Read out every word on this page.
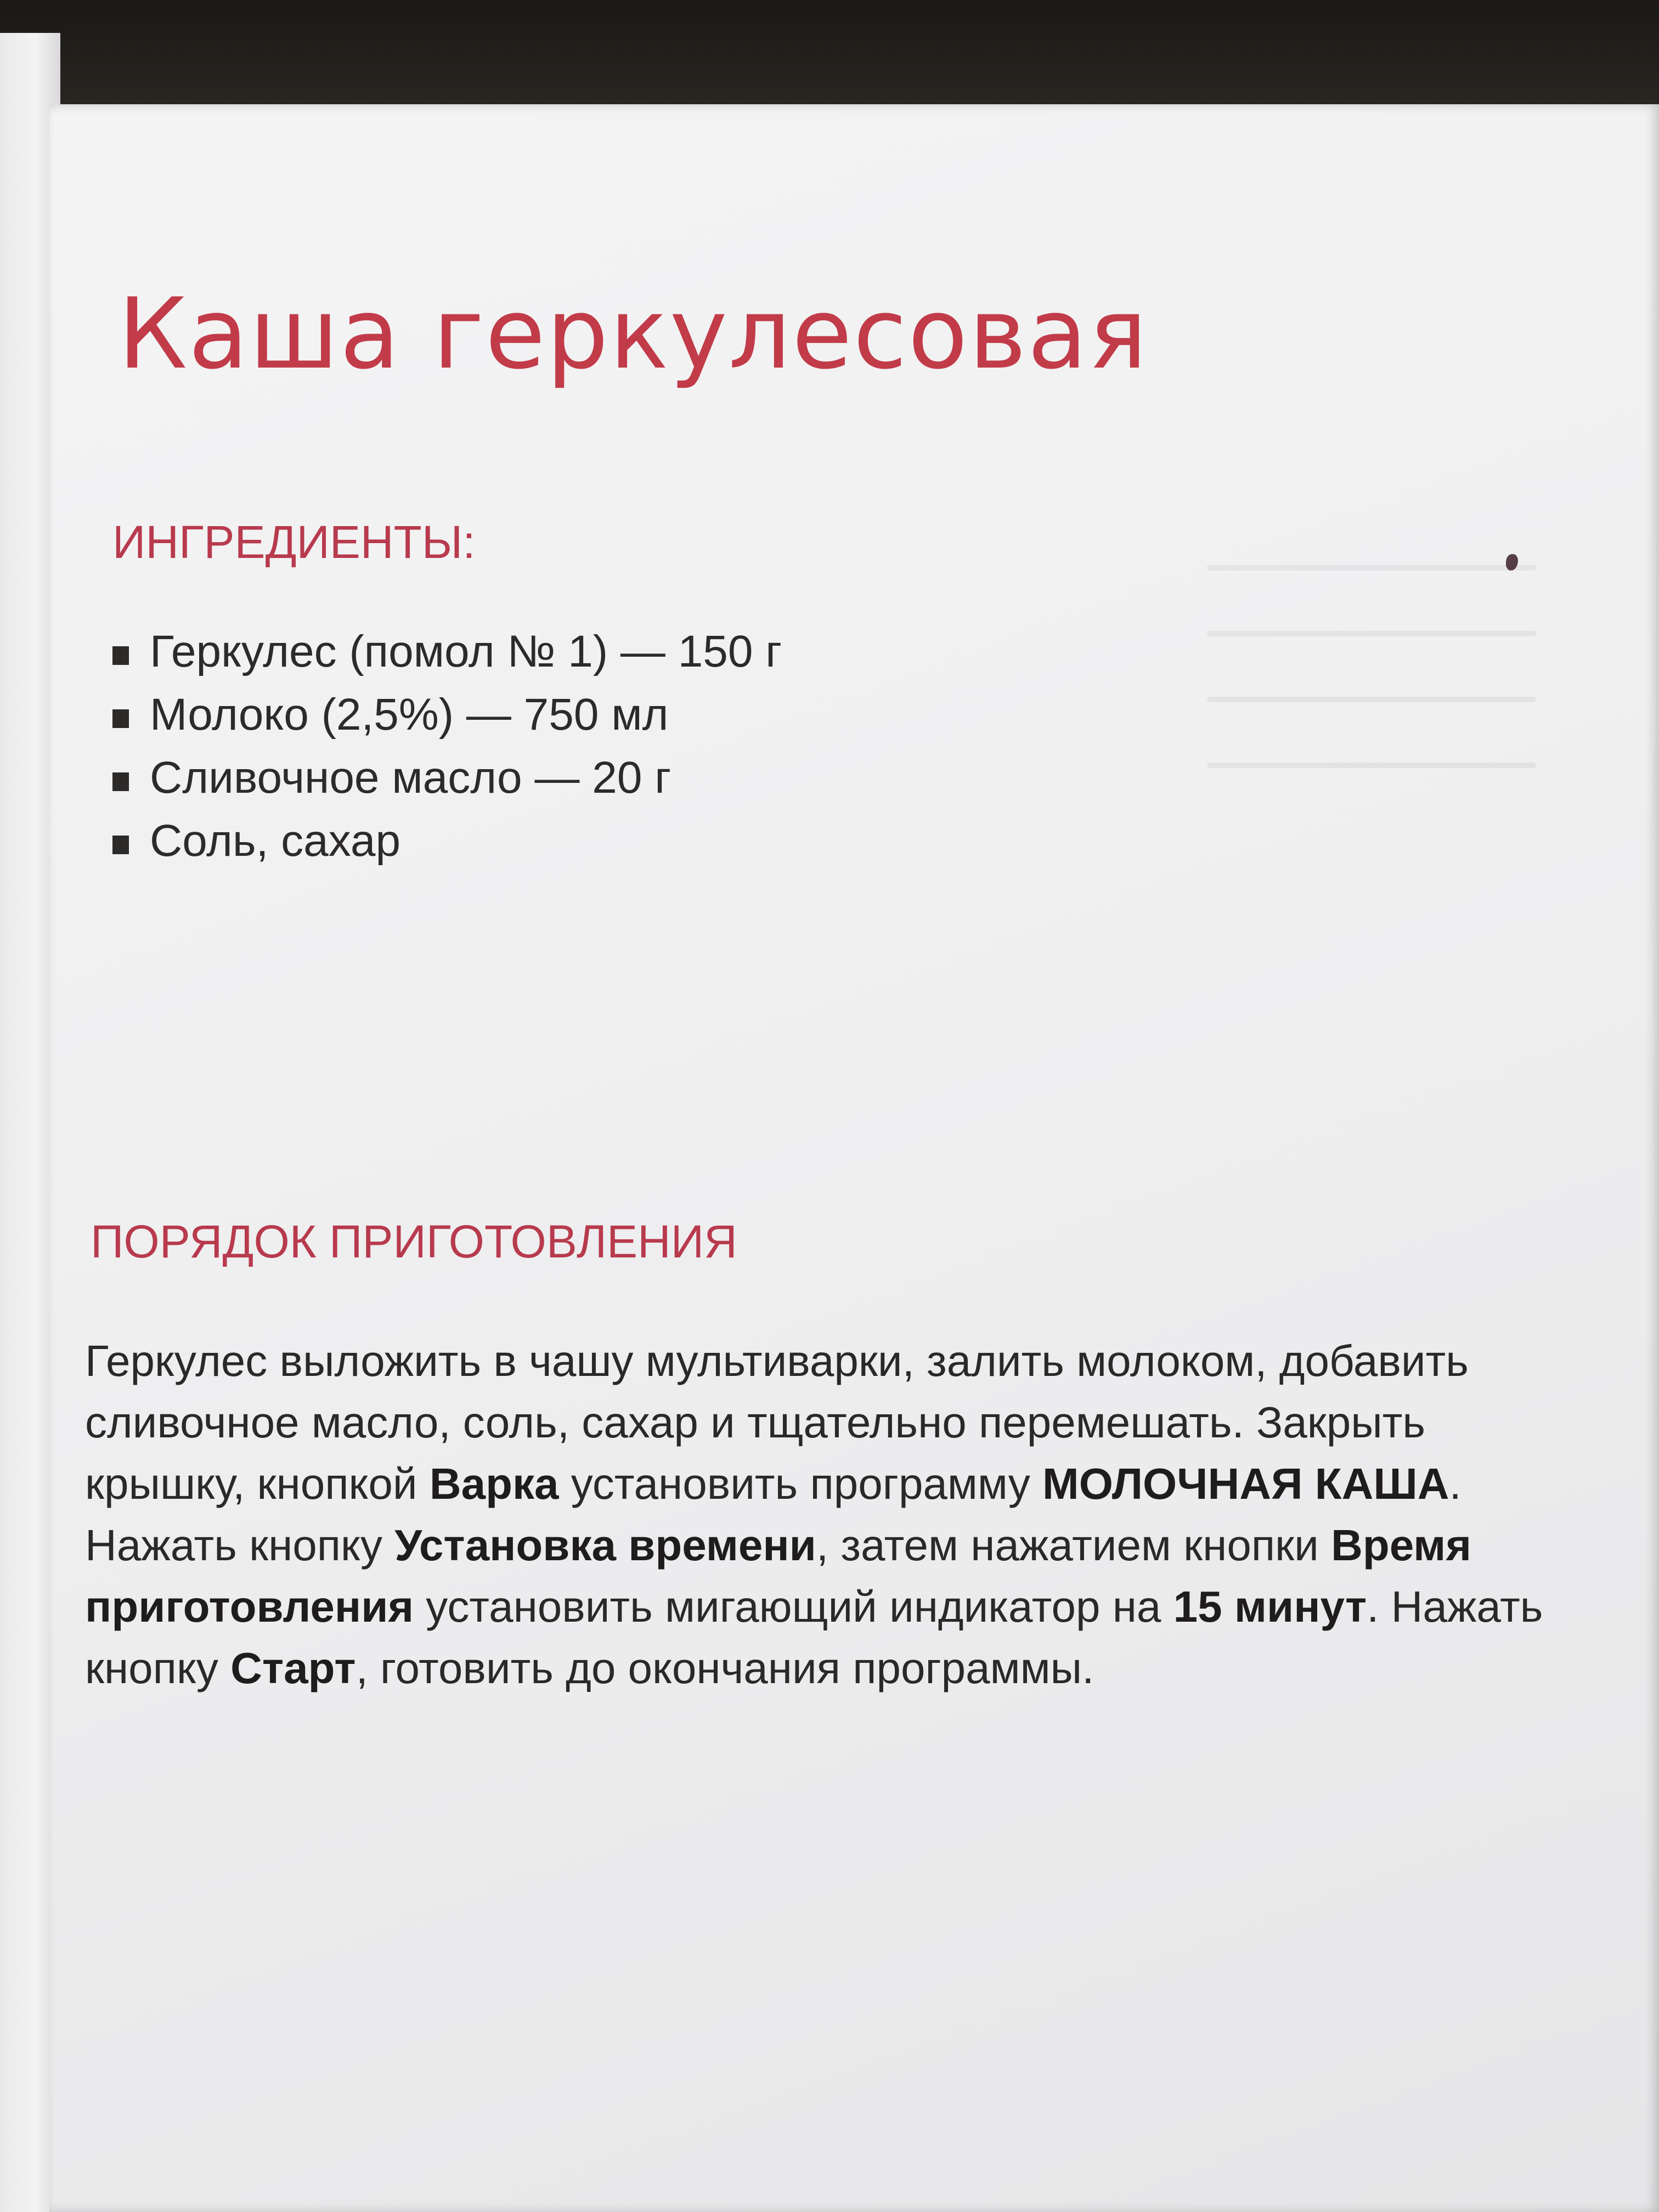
Каша геркулесовая
ИНГРЕДИЕНТЫ:
Геркулес (помол № 1) — 150 г
Молоко (2,5%) — 750 мл
Сливочное масло — 20 г
Соль, сахар
ПОРЯДОК ПРИГОТОВЛЕНИЯ

Геркулес выложить в чашу мультиварки, залить молоком, добавить сливочное масло, соль, сахар и тщательно перемешать. Закрыть крышку, кнопкой Варка установить программу МОЛОЧНАЯ КАША. Нажать кнопку Установка времени, затем нажатием кнопки Время приготовления установить мигающий индикатор на 15 минут. Нажать кнопку Старт, готовить до окончания программы.
